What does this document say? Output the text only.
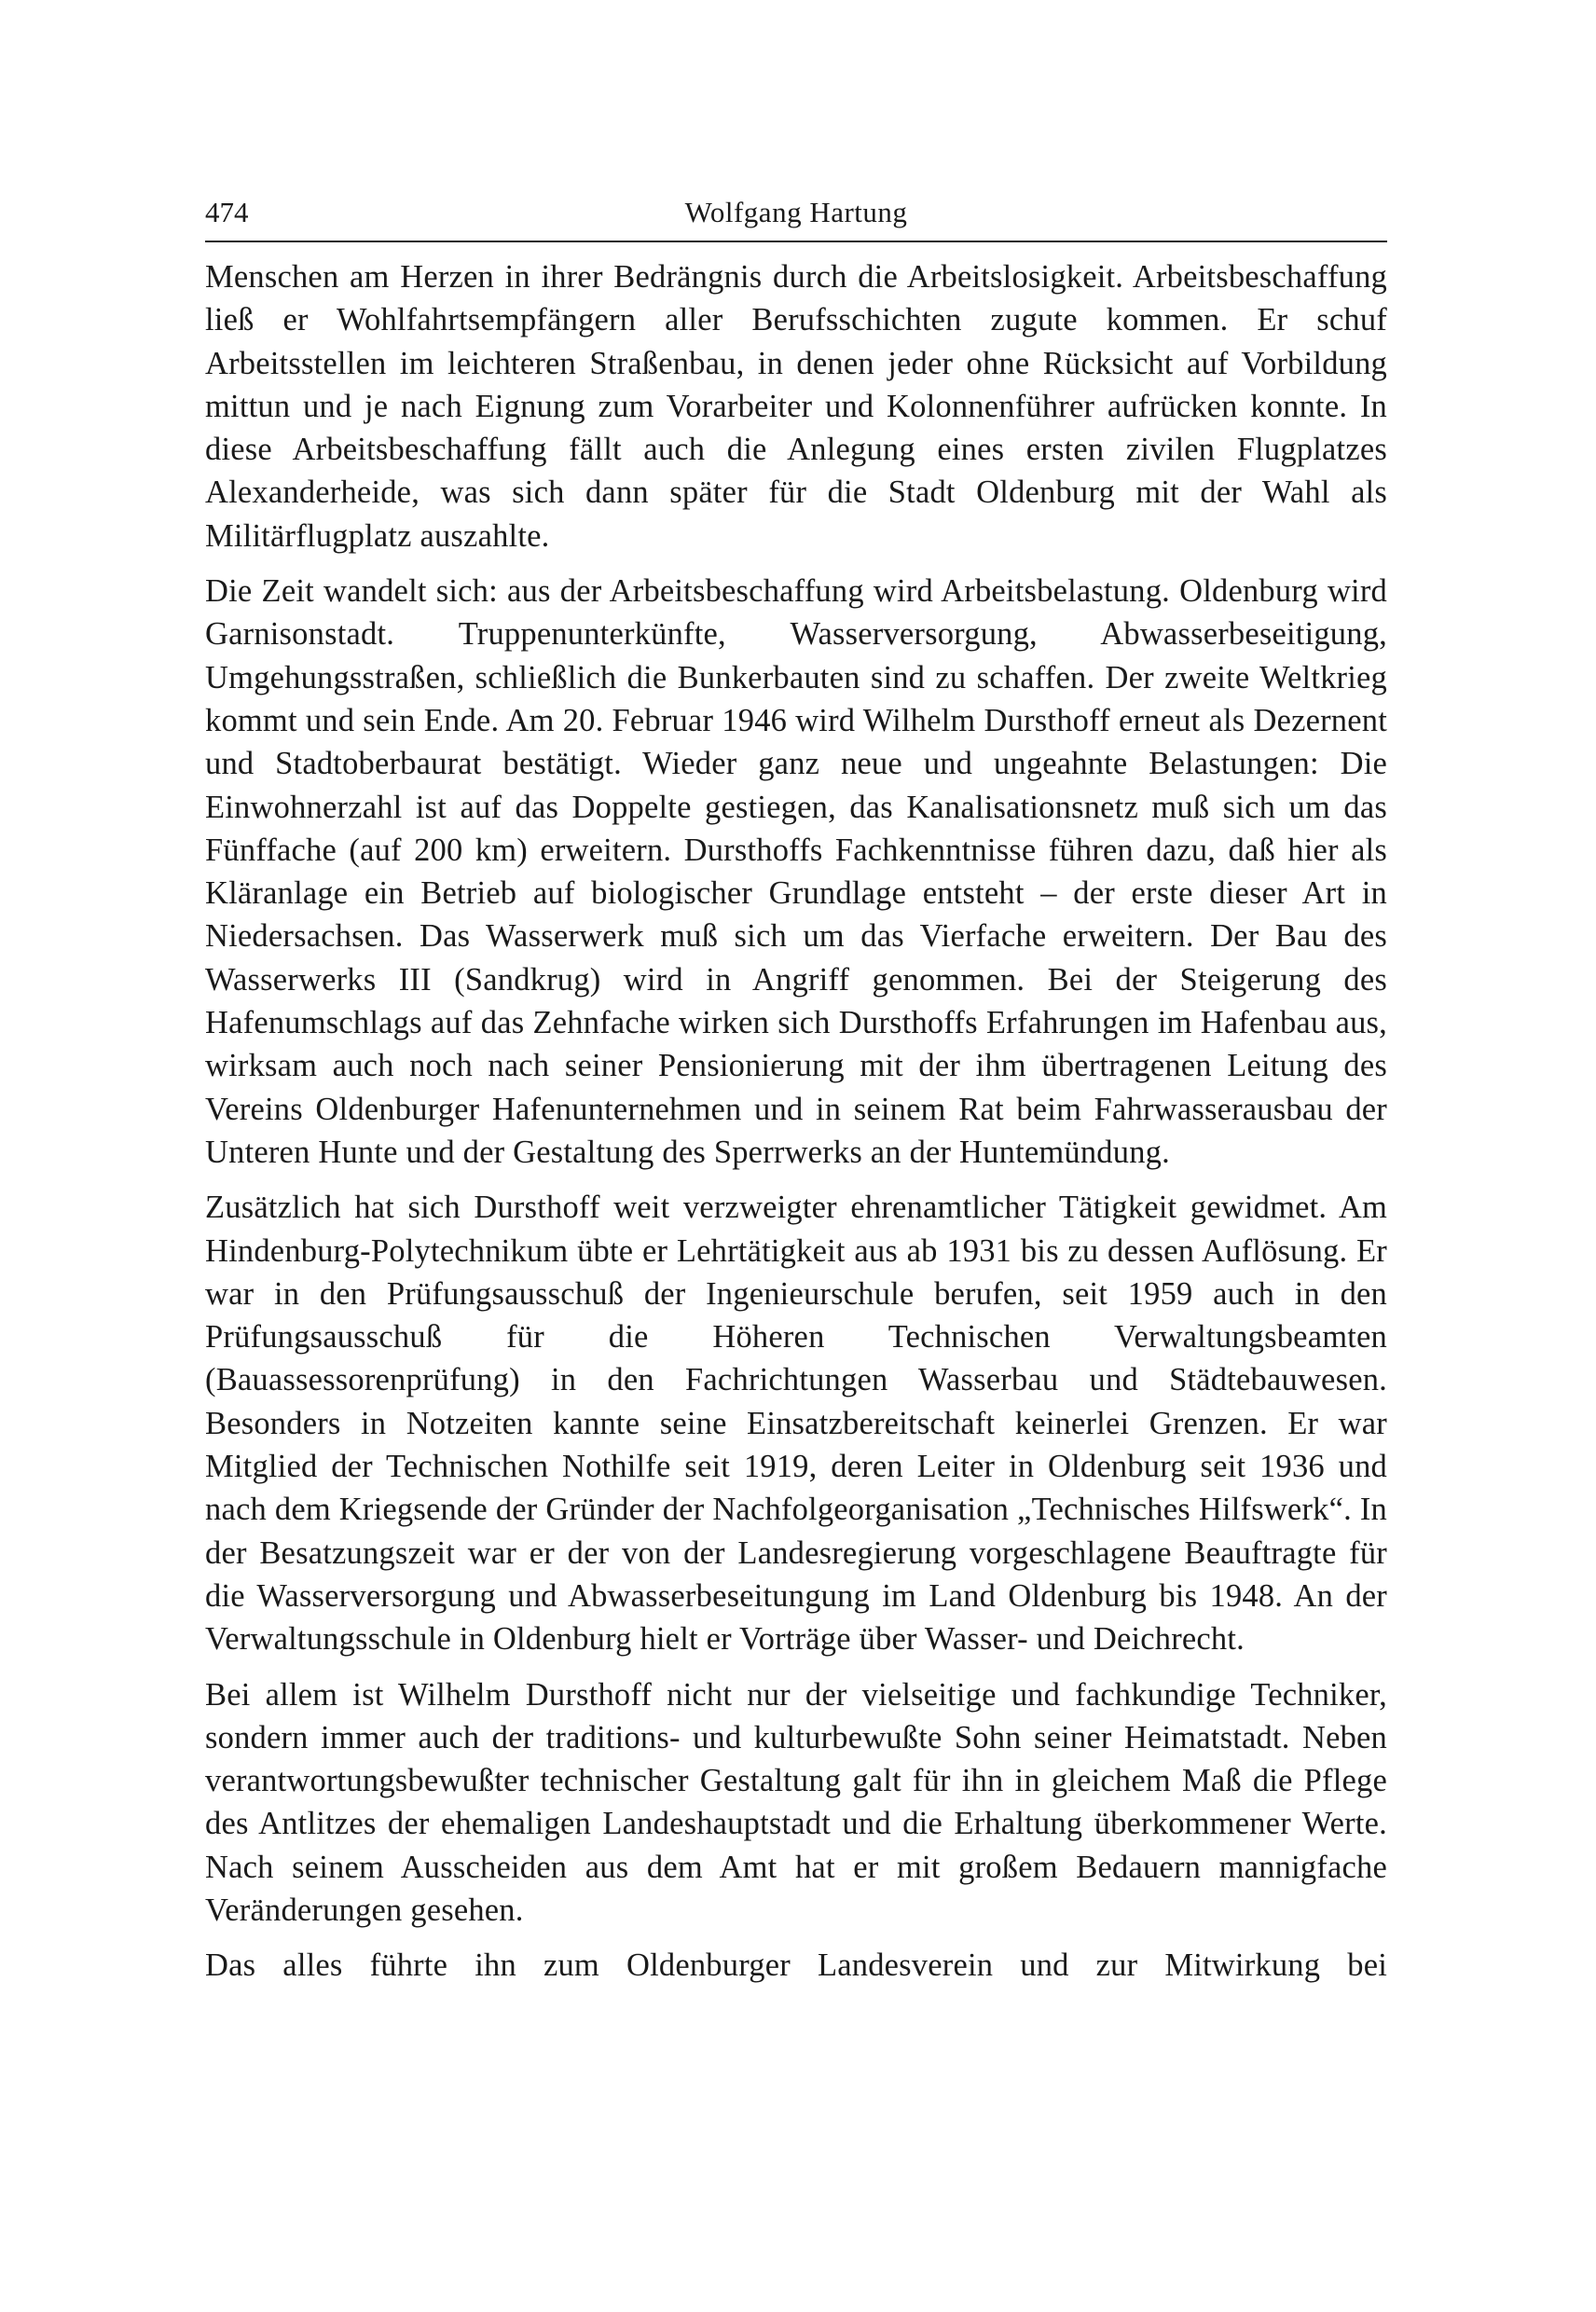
474	Wolfgang Hartung

Menschen am Herzen in ihrer Bedrängnis durch die Arbeitslosigkeit. Arbeitsbeschaffung ließ er Wohlfahrtsempfängern aller Berufsschichten zugute kommen. Er schuf Arbeitsstellen im leichteren Straßenbau, in denen jeder ohne Rücksicht auf Vorbildung mittun und je nach Eignung zum Vorarbeiter und Kolonnenführer aufrücken konnte. In diese Arbeitsbeschaffung fällt auch die Anlegung eines ersten zivilen Flugplatzes Alexanderheide, was sich dann später für die Stadt Oldenburg mit der Wahl als Militärflugplatz auszahlte.

Die Zeit wandelt sich: aus der Arbeitsbeschaffung wird Arbeitsbelastung. Oldenburg wird Garnisonstadt. Truppenunterkünfte, Wasserversorgung, Abwasserbeseitigung, Umgehungsstraßen, schließlich die Bunkerbauten sind zu schaffen. Der zweite Weltkrieg kommt und sein Ende. Am 20. Februar 1946 wird Wilhelm Dursthoff erneut als Dezernent und Stadtoberbaurat bestätigt. Wieder ganz neue und ungeahnte Belastungen: Die Einwohnerzahl ist auf das Doppelte gestiegen, das Kanalisationsnetz muß sich um das Fünffache (auf 200 km) erweitern. Dursthoffs Fachkenntnisse führen dazu, daß hier als Kläranlage ein Betrieb auf biologischer Grundlage entsteht – der erste dieser Art in Niedersachsen. Das Wasserwerk muß sich um das Vierfache erweitern. Der Bau des Wasserwerks III (Sandkrug) wird in Angriff genommen. Bei der Steigerung des Hafenumschlags auf das Zehnfache wirken sich Dursthoffs Erfahrungen im Hafenbau aus, wirksam auch noch nach seiner Pensionierung mit der ihm übertragenen Leitung des Vereins Oldenburger Hafenunternehmen und in seinem Rat beim Fahrwasserausbau der Unteren Hunte und der Gestaltung des Sperrwerks an der Huntemündung.

Zusätzlich hat sich Dursthoff weit verzweigter ehrenamtlicher Tätigkeit gewidmet. Am Hindenburg-Polytechnikum übte er Lehrtätigkeit aus ab 1931 bis zu dessen Auflösung. Er war in den Prüfungsausschuß der Ingenieurschule berufen, seit 1959 auch in den Prüfungsausschuß für die Höheren Technischen Verwaltungsbeamten (Bauassessorenprüfung) in den Fachrichtungen Wasserbau und Städtebauwesen. Besonders in Notzeiten kannte seine Einsatzbereitschaft keinerlei Grenzen. Er war Mitglied der Technischen Nothilfe seit 1919, deren Leiter in Oldenburg seit 1936 und nach dem Kriegsende der Gründer der Nachfolgeorganisation „Technisches Hilfswerk“. In der Besatzungszeit war er der von der Landesregierung vorgeschlagene Beauftragte für die Wasserversorgung und Abwasserbeseitungung im Land Oldenburg bis 1948. An der Verwaltungsschule in Oldenburg hielt er Vorträge über Wasser- und Deichrecht.

Bei allem ist Wilhelm Dursthoff nicht nur der vielseitige und fachkundige Techniker, sondern immer auch der traditions- und kulturbewußte Sohn seiner Heimatstadt. Neben verantwortungsbewußter technischer Gestaltung galt für ihn in gleichem Maß die Pflege des Antlitzes der ehemaligen Landeshauptstadt und die Erhaltung überkommener Werte. Nach seinem Ausscheiden aus dem Amt hat er mit großem Bedauern mannigfache Veränderungen gesehen.

Das alles führte ihn zum Oldenburger Landesverein und zur Mitwirkung bei
